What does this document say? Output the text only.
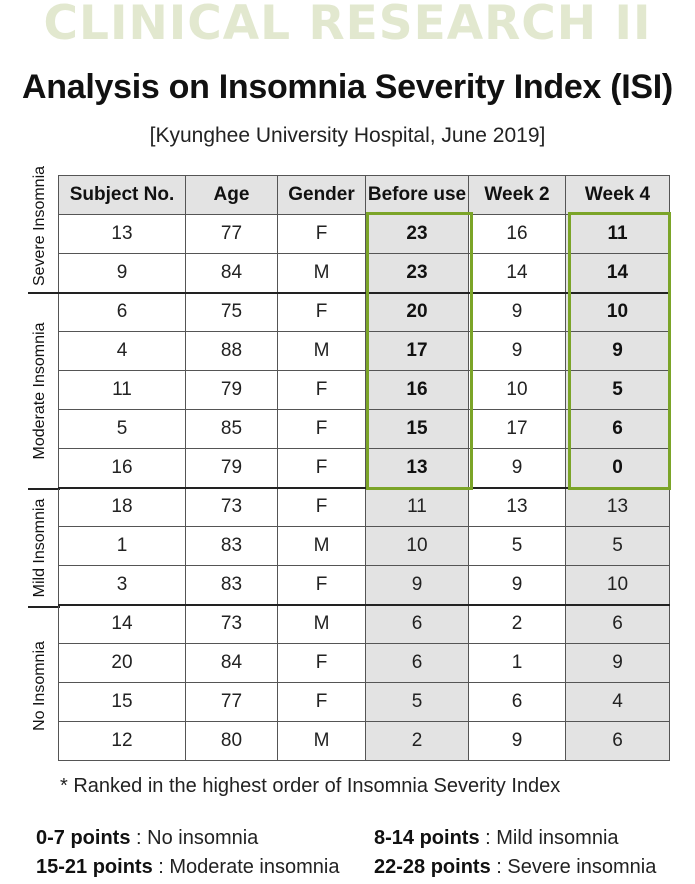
CLINICAL RESEARCH II
Analysis on Insomnia Severity Index (ISI)
[Kyunghee University Hospital, June 2019]
Severe Insomnia
Moderate Insomnia
Mild Insomnia
No Insomnia
Subject No.	Age	Gender	Before use	Week 2	Week 4
13	77	F	23	16	11
9	84	M	23	14	14
6	75	F	20	9	10
4	88	M	17	9	9
11	79	F	16	10	5
5	85	F	15	17	6
16	79	F	13	9	0
18	73	F	11	13	13
1	83	M	10	5	5
3	83	F	9	9	10
14	73	M	6	2	6
20	84	F	6	1	9
15	77	F	5	6	4
12	80	M	2	9	6
* Ranked in the highest order of Insomnia Severity Index
0-7 points : No insomnia	8-14 points : Mild insomnia
15-21 points : Moderate insomnia 22-28 points : Severe insomnia
